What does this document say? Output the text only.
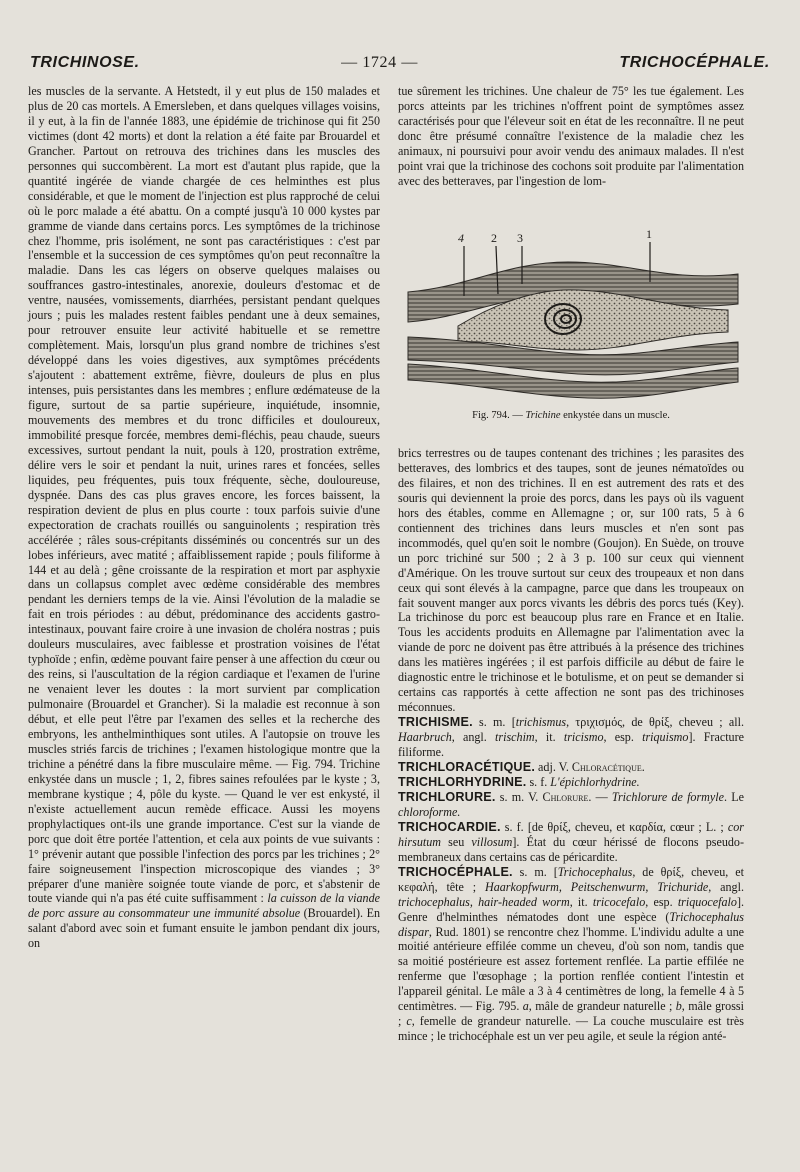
TRICHINOSE.	— 1724 —	TRICHOCÉPHALE.

les muscles de la servante. A Hetstedt, il y eut plus de 150 malades et plus de 20 cas mortels. A Emersleben, et dans quelques villages voisins, il y eut, à la fin de l'année 1883, une épidémie de trichinose qui fit 250 victimes (dont 42 morts) et dont la relation a été faite par Brouardel et Grancher. Partout on retrouva des trichines dans les muscles des personnes qui succombèrent. La mort est d'autant plus rapide, que la quantité ingérée de viande chargée de ces helminthes est plus considérable, et que le moment de l'injection est plus rapproché de celui où le porc malade a été abattu. On a compté jusqu'à 10 000 kystes par gramme de viande dans certains porcs. Les symptômes de la trichinose chez l'homme, pris isolément, ne sont pas caractéristiques : c'est par l'ensemble et la succession de ces symptômes qu'on peut reconnaître la maladie. Dans les cas légers on observe quelques malaises ou souffrances gastro-intestinales, anorexie, douleurs d'estomac et de ventre, nausées, vomissements, diarrhées, persistant pendant quelques jours ; puis les malades restent faibles pendant une à deux semaines, pour retrouver ensuite leur activité habituelle et se remettre complètement. Mais, lorsqu'un plus grand nombre de trichines s'est développé dans les voies digestives, aux symptômes précédents s'ajoutent : abattement extrême, fièvre, douleurs de plus en plus intenses, puis persistantes dans les membres ; enflure œdémateuse de la figure, surtout de sa partie supérieure, inquiétude, insomnie, mouvements des membres et du tronc difficiles et douloureux, immobilité presque forcée, membres demi-fléchis, peau chaude, sueurs excessives, surtout pendant la nuit, pouls à 120, prostration extrême, délire vers le soir et pendant la nuit, urines rares et foncées, selles liquides, peu fréquentes, puis toux fréquente, sèche, douloureuse, dyspnée. Dans des cas plus graves encore, les forces baissent, la respiration devient de plus en plus courte : toux parfois suivie d'une expectoration de crachats rouillés ou sanguinolents ; respiration très accélérée ; râles sous-crépitants disséminés ou concentrés sur un des lobes inférieurs, avec matité ; affaiblissement rapide ; pouls filiforme à 144 et au delà ; gêne croissante de la respiration et mort par asphyxie dans un collapsus complet avec œdème considérable des membres pendant les derniers temps de la vie. Ainsi l'évolution de la maladie se fait en trois périodes : au début, prédominance des accidents gastro-intestinaux, pouvant faire croire à une invasion de choléra nostras ; puis douleurs musculaires, avec faiblesse et prostration voisines de l'état typhoïde ; enfin, œdème pouvant faire penser à une affection du cœur ou des reins, si l'auscultation de la région cardiaque et l'examen de l'urine ne venaient lever les doutes : la mort survient par complication pulmonaire (Brouardel et Grancher). Si la maladie est reconnue à son début, et elle peut l'être par l'examen des selles et la recherche des embryons, les anthelminthiques sont utiles. A l'autopsie on trouve les muscles striés farcis de trichines ; l'examen histologique montre que la trichine a pénétré dans la fibre musculaire même. — Fig. 794. Trichine enkystée dans un muscle ; 1, 2, fibres saines refoulées par le kyste ; 3, membrane kystique ; 4, pôle du kyste. — Quand le ver est enkysté, il n'existe actuellement aucun remède efficace. Aussi les moyens prophylactiques ont-ils une grande importance. C'est sur la viande de porc que doit être portée l'attention, et cela aux points de vue suivants : 1° prévenir autant que possible l'infection des porcs par les trichines ; 2° faire soigneusement l'inspection microscopique des viandes ; 3° préparer d'une manière soignée toute viande de porc, et s'abstenir de toute viande qui n'a pas été cuite suffisamment : la cuisson de la viande de porc assure au consommateur une immunité absolue (Brouardel). En salant d'abord avec soin et fumant ensuite le jambon pendant dix jours, on

tue sûrement les trichines. Une chaleur de 75° les tue également. Les porcs atteints par les trichines n'offrent point de symptômes assez caractérisés pour que l'éleveur soit en état de les reconnaître. Il ne peut donc être présumé connaître l'existence de la maladie chez les animaux, ni poursuivi pour avoir vendu des animaux malades. Il n'est point vrai que la trichinose des cochons soit produite par l'alimentation avec des betteraves, par l'ingestion de lom-

4 2 3	1
Fig. 794. — Trichine enkystée dans un muscle.

brics terrestres ou de taupes contenant des trichines ; les parasites des betteraves, des lombrics et des taupes, sont de jeunes nématoïdes ou des filaires, et non des trichines. Il en est autrement des rats et des souris qui deviennent la proie des porcs, dans les pays où ils vaguent hors des étables, comme en Allemagne ; or, sur 100 rats, 5 à 6 contiennent des trichines dans leurs muscles et n'en sont pas incommodés, quel qu'en soit le nombre (Goujon). En Suède, on trouve un porc trichiné sur 500 ; 2 à 3 p. 100 sur ceux qui viennent d'Amérique. On les trouve surtout sur ceux des troupeaux et non dans ceux qui sont élevés à la campagne, parce que dans les troupeaux on fait souvent manger aux porcs vivants les débris des porcs tués (Key). La trichinose du porc est beaucoup plus rare en France et en Italie. Tous les accidents produits en Allemagne par l'alimentation avec la viande de porc ne doivent pas être attribués à la présence des trichines dans les matières ingérées ; il est parfois difficile au début de faire le diagnostic entre le trichinose et le botulisme, et on peut se demander si certains cas rapportés à cette affection ne sont pas des trichinoses méconnues.

TRICHISME. s. m. [trichismus, τριχισμός, de θρίξ, cheveu ; all. Haarbruch, angl. trischim, it. tricismo, esp. triquismo]. Fracture filiforme.

TRICHLORACÉTIQUE. adj. V. Chloracétique.

TRICHLORHYDRINE. s. f. L'épichlorhydrine.

TRICHLORURE. s. m. V. Chlorure. — Trichlorure de formyle. Le chloroforme.

TRICHOCARDIE. s. f. [de θρίξ, cheveu, et καρδία, cœur ; L. ; cor hirsutum seu villosum]. État du cœur hérissé de flocons pseudo-membraneux dans certains cas de péricardite.

TRICHOCÉPHALE. s. m. [Trichocephalus, de θρίξ, cheveu, et κεφαλή, tête ; Haarkopfwurm, Peitschenwurm, Trichuride, angl. trichocephalus, hair-headed worm, it. tricocefalo, esp. triquocefalo]. Genre d'helminthes nématodes dont une espèce (Trichocephalus dispar, Rud. 1801) se rencontre chez l'homme. L'individu adulte a une moitié antérieure effilée comme un cheveu, d'où son nom, tandis que sa moitié postérieure est assez fortement renflée. La partie effilée ne renferme que l'œsophage ; la portion renflée contient l'intestin et l'appareil génital. Le mâle a 3 à 4 centimètres de long, la femelle 4 à 5 centimètres. — Fig. 795. a, mâle de grandeur naturelle ; b, mâle grossi ; c, femelle de grandeur naturelle. — La couche musculaire est très mince ; le trichocéphale est un ver peu agile, et seule la région anté-
